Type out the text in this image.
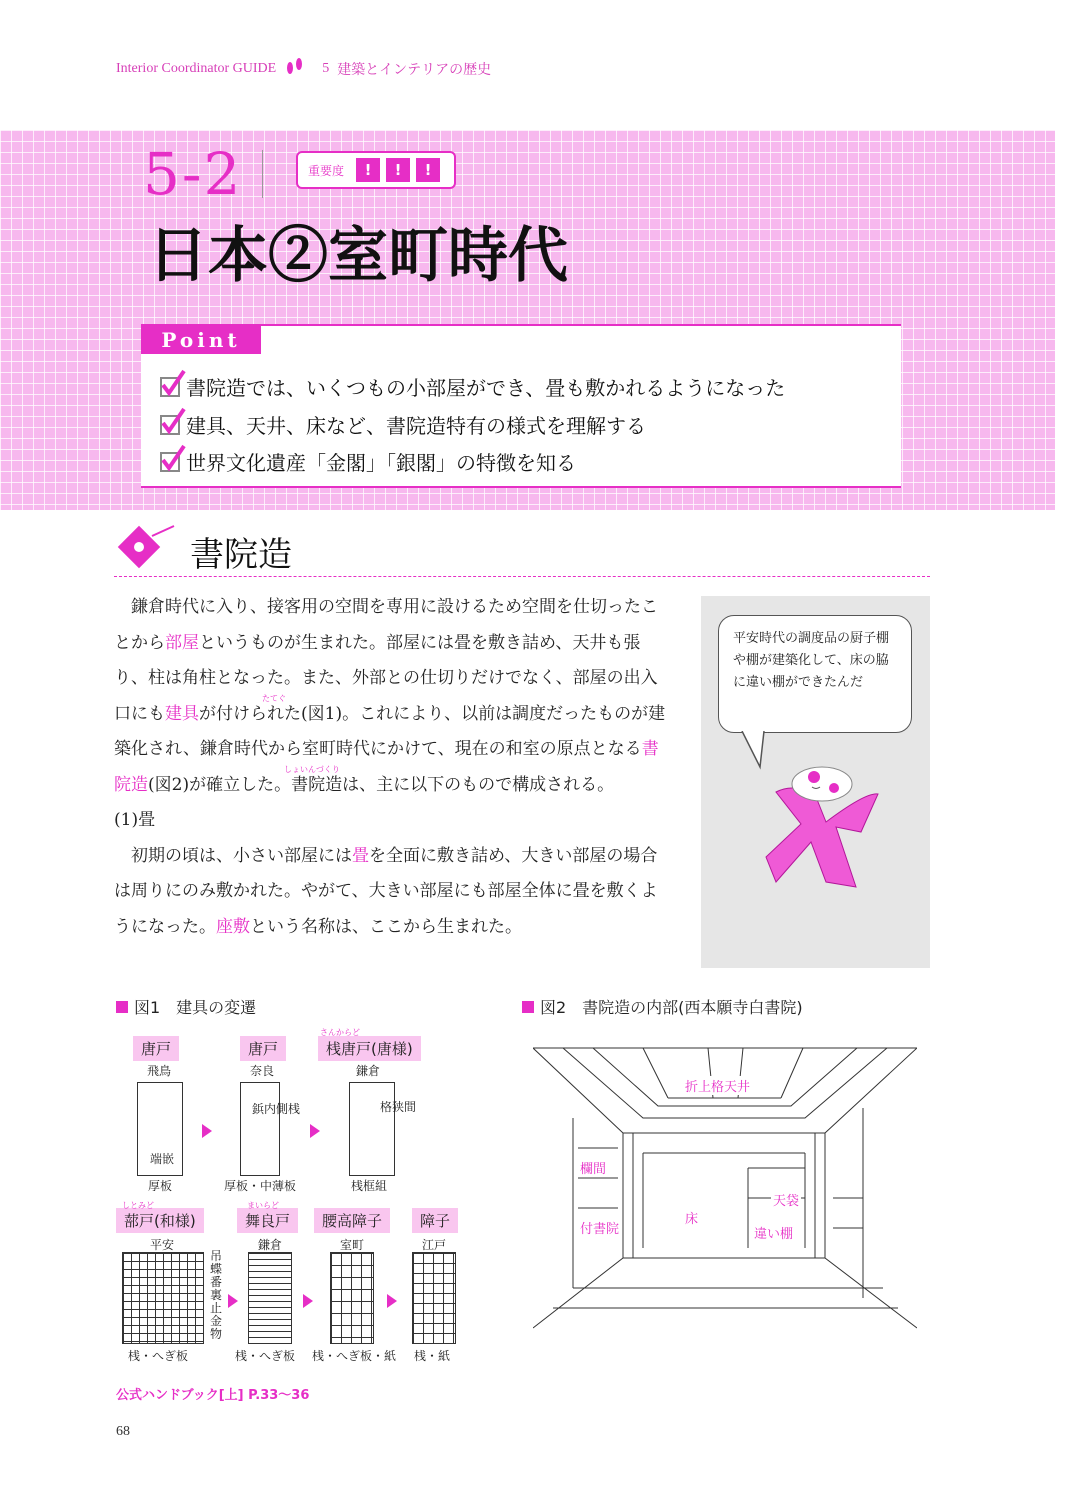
Interior Coordinator GUIDE	5 建築とインテリアの歴史
5-2	重要度	!	!	!
日本②室町時代
Point
書院造では、いくつもの小部屋ができ、畳も敷かれるようになった
建具、天井、床など、書院造特有の様式を理解する
世界文化遺産「金閣」「銀閣」の特徴を知る
書院造

鎌倉時代に入り、接客用の空間を専用に設けるため空間を仕切ったことから部屋というものが生まれた。部屋には畳を敷き詰め、天井も張り、柱は角柱となった。また、外部との仕切りだけでなく、部屋の出入口にも建具が付けられた(図1)。これにより、以前は調度だったものが建築化され、鎌倉時代から室町時代にかけて、現在の和室の原点となる書院造(図2)が確立した。書院造は、主に以下のもので構成される。

(1)畳

初期の頃は、小さい部屋には畳を全面に敷き詰め、大きい部屋の場合は周りにのみ敷かれた。やがて、大きい部屋にも部屋全体に畳を敷くようになった。座敷という名称は、ここから生まれた。

たてぐ
しょいんづくり
平安時代の調度品の厨子棚や棚が建築化して、床の脇に違い棚ができたんだ
図1　建具の変遷
唐戸
飛鳥
端嵌
厚板
唐戸
奈良
鋲内側桟
厚板・中薄板
桟唐戸(唐様)
さんからど
鎌倉
格狭間
桟框組
蔀戸(和様)
しとみど
平安
吊蝶番 裏止金物
桟・へぎ板
舞良戸
まいらど
鎌倉
桟・へぎ板
腰高障子
室町
桟・へぎ板・紙
障子
江戸
桟・紙
図2　書院造の内部(西本願寺白書院)
折上格天井
欄間
付書院
床
天袋
違い棚
公式ハンドブック[上] P.33～36
68
